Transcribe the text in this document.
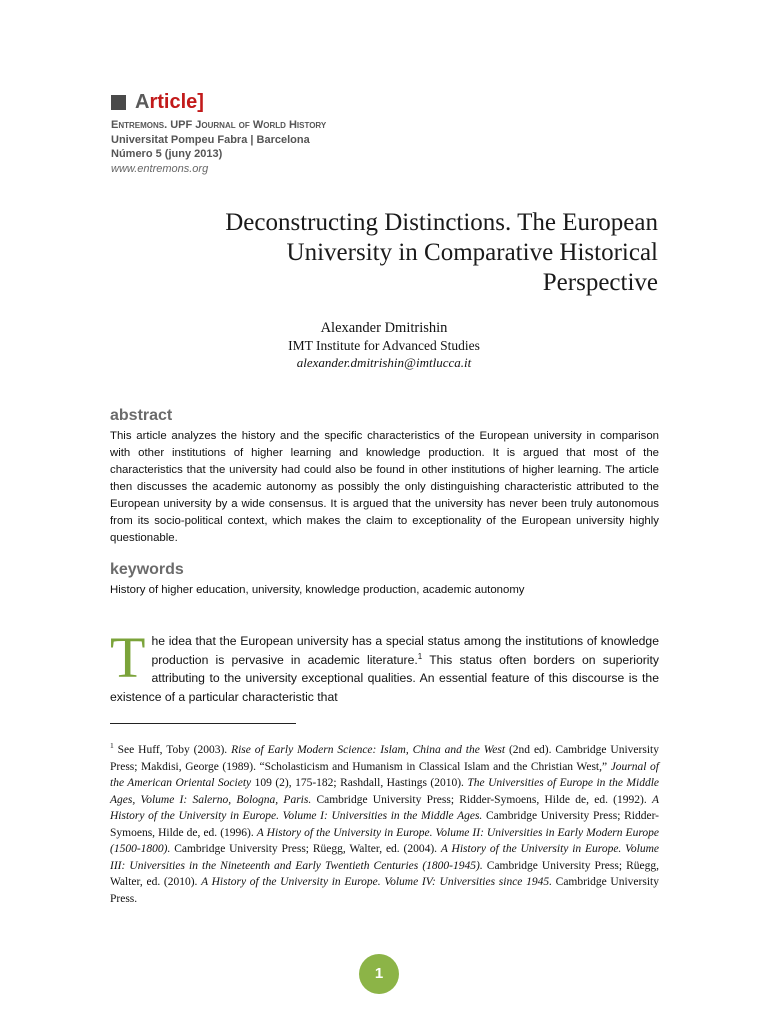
A rticle]
Entremons. UPF Journal of World History
Universitat Pompeu Fabra | Barcelona
Número 5 (juny 2013)
www.entremons.org
Deconstructing Distinctions. The European
University in Comparative Historical
Perspective
Alexander Dmitrishin
IMT Institute for Advanced Studies
alexander.dmitrishin@imtlucca.it
abstract
This article analyzes the history and the specific characteristics of the European university in comparison with other institutions of higher learning and knowledge production. It is argued that most of the characteristics that the university had could also be found in other institutions of higher learning. The article then discusses the academic autonomy as possibly the only distinguishing characteristic attributed to the European university by a wide consensus. It is argued that the university has never been truly autonomous from its socio-political context, which makes the claim to exceptionality of the European university highly questionable.
keywords
History of higher education, university, knowledge production, academic autonomy
The idea that the European university has a special status among the institutions of knowledge production is pervasive in academic literature.$^1$ This status often borders on superiority attributing to the university exceptional qualities. An essential feature of this discourse is the existence of a particular characteristic that
$^1$ See Huff, Toby (2003). Rise of Early Modern Science: Islam, China and the West (2nd ed). Cambridge University Press; Makdisi, George (1989). “Scholasticism and Humanism in Classical Islam and the Christian West,” Journal of the American Oriental Society 109 (2), 175-182; Rashdall, Hastings (2010). The Universities of Europe in the Middle Ages, Volume I: Salerno, Bologna, Paris. Cambridge University Press; Ridder-Symoens, Hilde de, ed. (1992). A History of the University in Europe. Volume I: Universities in the Middle Ages. Cambridge University Press; Ridder-Symoens, Hilde de, ed. (1996). A History of the University in Europe. Volume II: Universities in Early Modern Europe (1500-1800). Cambridge University Press; Rüegg, Walter, ed. (2004). A History of the University in Europe. Volume III: Universities in the Nineteenth and Early Twentieth Centuries (1800-1945). Cambridge University Press; Rüegg, Walter, ed. (2010). A History of the University in Europe. Volume IV: Universities since 1945. Cambridge University Press.
1
